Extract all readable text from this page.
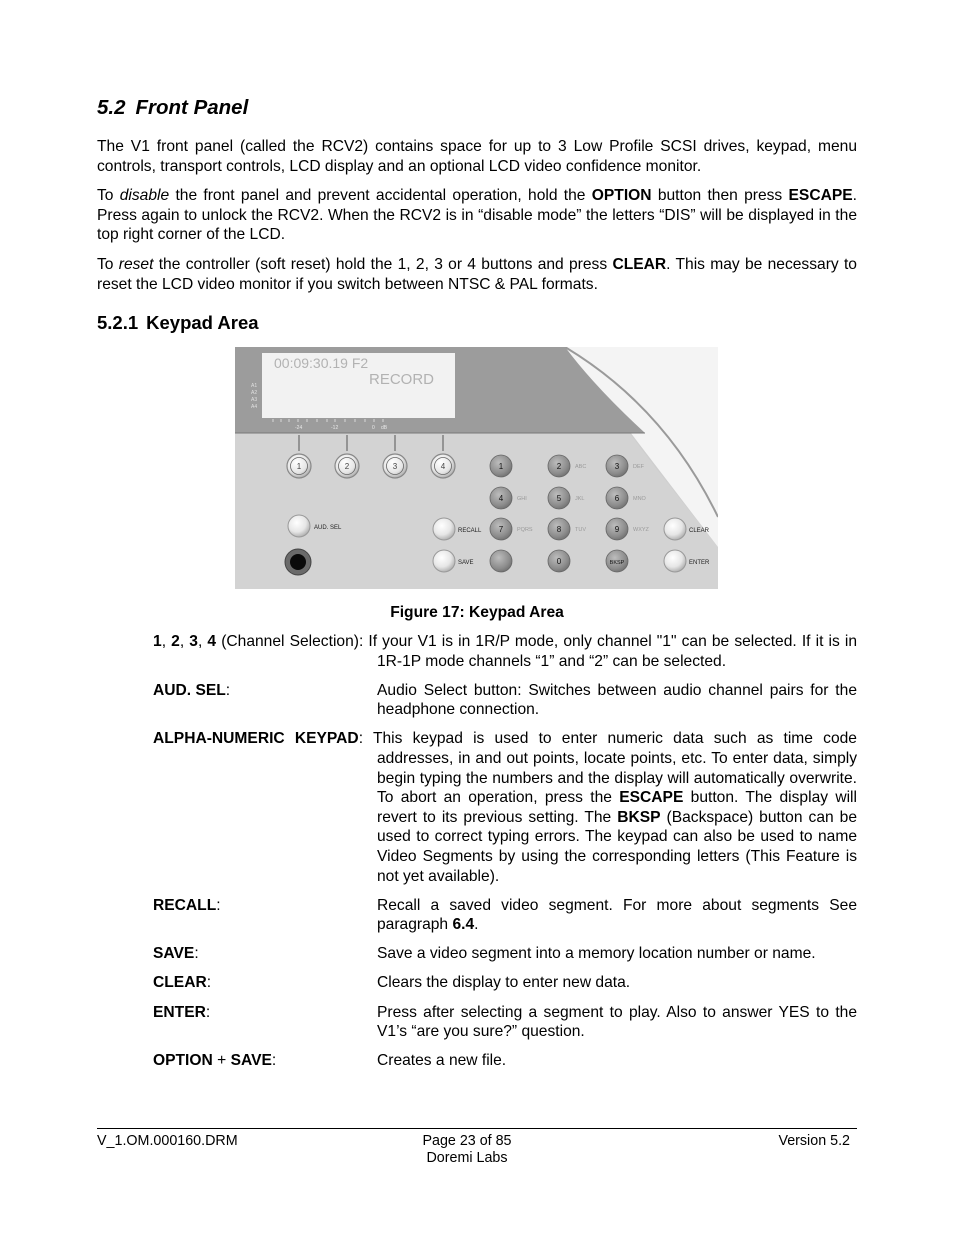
5.2 Front Panel

The V1 front panel (called the RCV2) contains space for up to 3 Low Profile SCSI drives, keypad, menu controls, transport controls, LCD display and an optional LCD video confidence monitor.

To disable the front panel and prevent accidental operation, hold the OPTION button then press ESCAPE. Press again to unlock the RCV2. When the RCV2 is in “disable mode” the letters “DIS” will be displayed in the top right corner of the LCD.

To reset the controller (soft reset) hold the 1, 2, 3 or 4 buttons and press CLEAR. This may be necessary to reset the LCD video monitor if you switch between NTSC & PAL formats.

5.2.1 Keypad Area
00:09:30.19 F2
RECORD
A1
A2
A3
A4
-24	-12	0 dB
1	2	3	4
AUD. SEL	RECALL
SAVE
CLEAR
ENTER
1	2	ABC	3	DEF
4	GHI	5	JKL	6	MNO
7	PQRS	8	TUV	9	WXYZ
0	BKSP
Figure 17: Keypad Area
1, 2, 3, 4 (Channel Selection): If your V1 is in 1R/P mode, only channel "1" can be selected. If it is in 1R-1P mode channels “1” and “2” can be selected.
AUD. SEL:	Audio Select button: Switches between audio channel pairs for the headphone connection.
ALPHA-NUMERIC KEYPAD: This keypad is used to enter numeric data such as time code addresses, in and out points, locate points, etc. To enter data, simply begin typing the numbers and the display will automatically overwrite. To abort an operation, press the ESCAPE button. The display will revert to its previous setting. The BKSP (Backspace) button can be used to correct typing errors. The keypad can also be used to name Video Segments by using the corresponding letters (This Feature is not yet available).
RECALL:	Recall a saved video segment. For more about segments See paragraph 6.4.
SAVE:	Save a video segment into a memory location number or name.
CLEAR:	Clears the display to enter new data.
ENTER:	Press after selecting a segment to play. Also to answer YES to the V1’s “are you sure?” question.
OPTION + SAVE:	Creates a new file.
V_1.OM.000160.DRM	Page 23 of 85
Doremi Labs
Version 5.2
